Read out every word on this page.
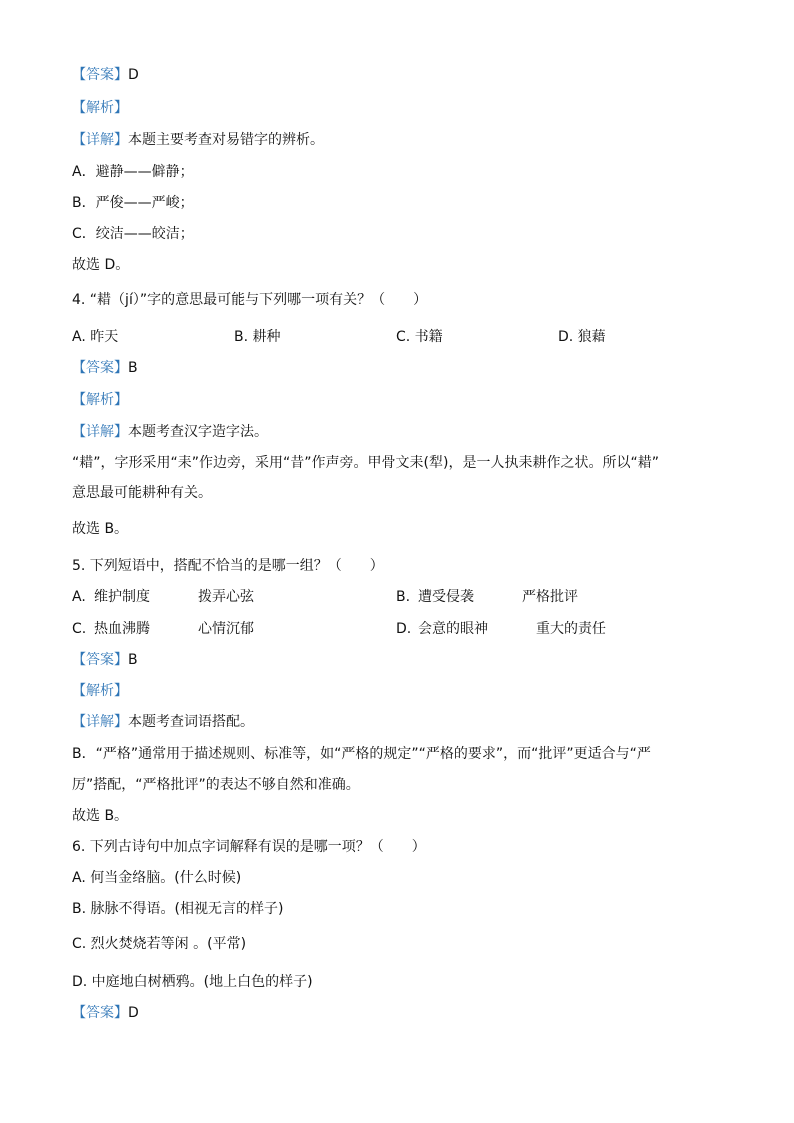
【答案】D
【解析】
【详解】本题主要考查对易错字的辨析。
A．避静——僻静；
B．严俊——严峻；
C．绞洁——皎洁；
故选 D。
4. “耤（jí）”字的意思最可能与下列哪一项有关？（　　）
A. 昨天	B. 耕种	C. 书籍	D. 狼藉
【答案】B
【解析】
【详解】本题考查汉字造字法。
“耤”，字形采用“耒”作边旁，采用“昔”作声旁。甲骨文耒(犁)，是一人执耒耕作之状。所以“耤”
意思最可能耕种有关。
故选 B。
5. 下列短语中，搭配不恰当的是哪一组？（　　）
A. 维护制度	拨弄心弦	B. 遭受侵袭	严格批评
C. 热血沸腾	心情沉郁	D. 会意的眼神	重大的责任
【答案】B
【解析】
【详解】本题考查词语搭配。
B．“严格”通常用于描述规则、标准等，如“严格的规定”“严格的要求”，而“批评”更适合与“严
厉”搭配，“严格批评”的表达不够自然和准确。
故选 B。
6. 下列古诗句中加点字词解释有误的是哪一项？（　　）
A. 何当金络脑。(什么时候)
B. 脉脉不得语。(相视无言的样子)
C. 烈火焚烧若等闲 。(平常)
D. 中庭地白树栖鸦。(地上白色的样子)
【答案】D
